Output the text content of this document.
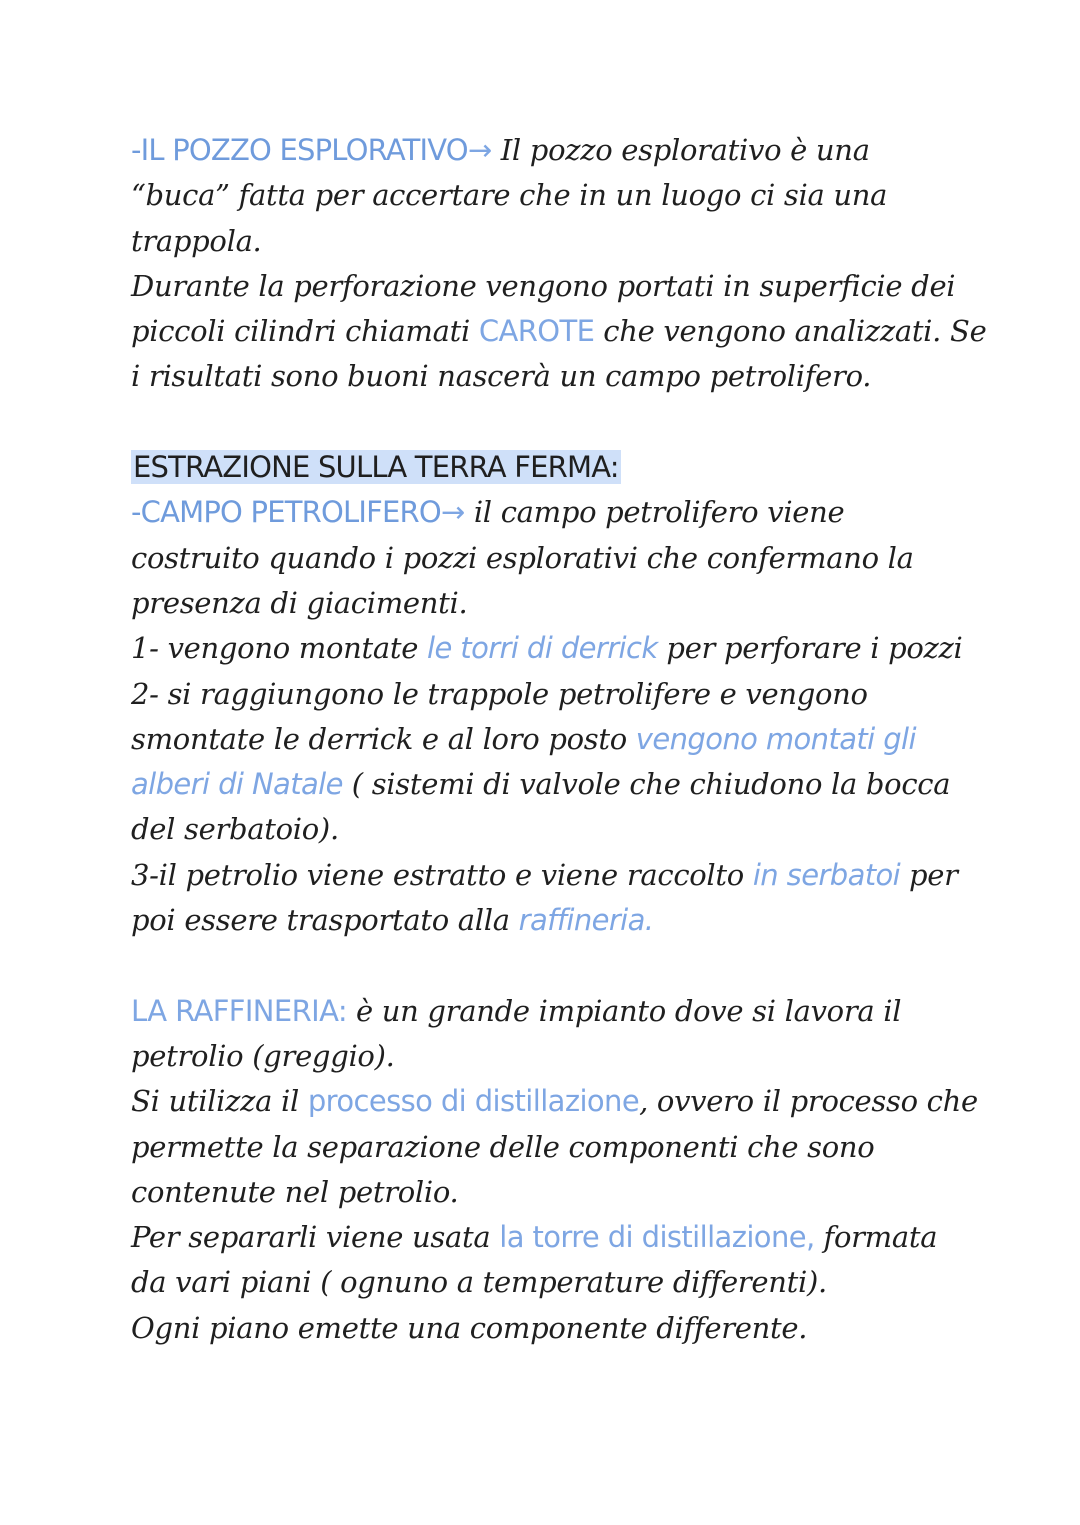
-IL POZZO ESPLORATIVO→ Il pozzo esplorativo è una
“buca” fatta per accertare che in un luogo ci sia una
trappola.
Durante la perforazione vengono portati in superficie dei
piccoli cilindri chiamati CAROTE che vengono analizzati. Se
i risultati sono buoni nascerà un campo petrolifero.
ESTRAZIONE SULLA TERRA FERMA:
-CAMPO PETROLIFERO→ il campo petrolifero viene
costruito quando i pozzi esplorativi che confermano la
presenza di giacimenti.
1- vengono montate le torri di derrick per perforare i pozzi
2- si raggiungono le trappole petrolifere e vengono
smontate le derrick e al loro posto vengono montati gli
alberi di Natale ( sistemi di valvole che chiudono la bocca
del serbatoio).
3-il petrolio viene estratto e viene raccolto in serbatoi per
poi essere trasportato alla raffineria.
LA RAFFINERIA: è un grande impianto dove si lavora il
petrolio (greggio).
Si utilizza il processo di distillazione, ovvero il processo che
permette la separazione delle componenti che sono
contenute nel petrolio.
Per separarli viene usata la torre di distillazione, formata
da vari piani ( ognuno a temperature differenti).
Ogni piano emette una componente differente.
